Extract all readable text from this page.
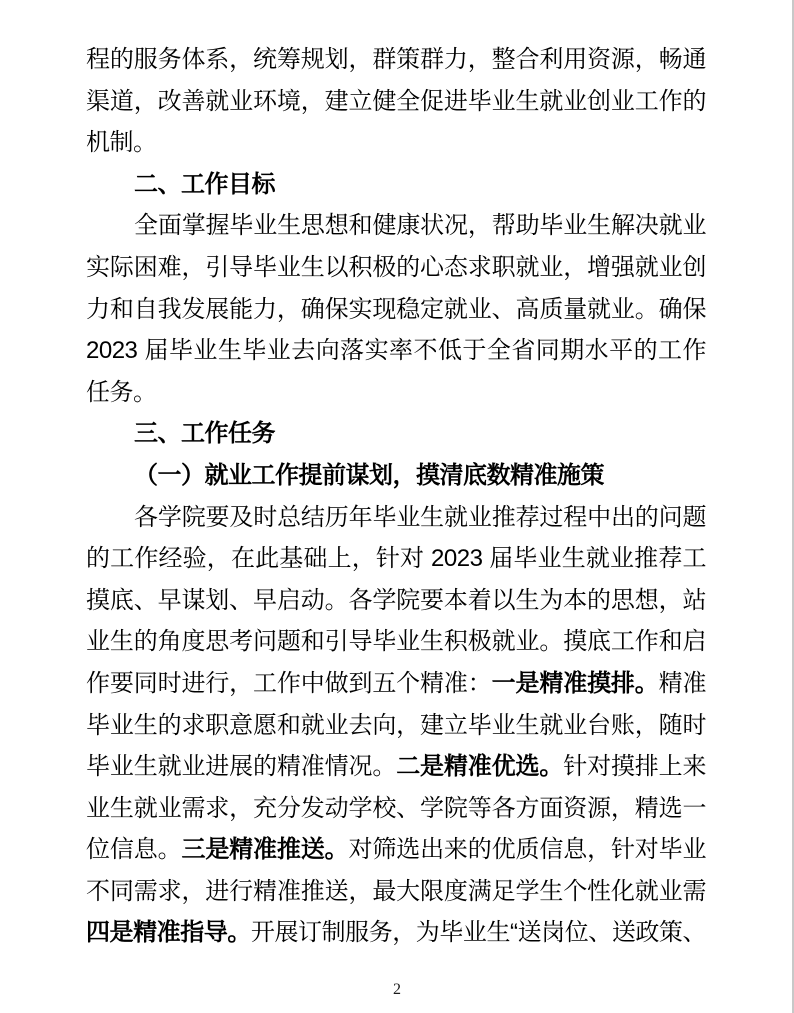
程的服务体系，统筹规划，群策群力，整合利用资源，畅通
渠道，改善就业环境，建立健全促进毕业生就业创业工作的
机制。
二、工作目标
全面掌握毕业生思想和健康状况，帮助毕业生解决就业
实际困难，引导毕业生以积极的心态求职就业，增强就业创
力和自我发展能力，确保实现稳定就业、高质量就业。确保
2023 届毕业生毕业去向落实率不低于全省同期水平的工作
任务。
三、工作任务
（一）就业工作提前谋划，摸清底数精准施策
各学院要及时总结历年毕业生就业推荐过程中出的问题
的工作经验，在此基础上，针对 2023 届毕业生就业推荐工
摸底、早谋划、早启动。各学院要本着以生为本的思想，站
业生的角度思考问题和引导毕业生积极就业。摸底工作和启
作要同时进行，工作中做到五个精准：一是精准摸排。精准
毕业生的求职意愿和就业去向，建立毕业生就业台账，随时
毕业生就业进展的精准情况。二是精准优选。针对摸排上来
业生就业需求，充分发动学校、学院等各方面资源，精选一
位信息。三是精准推送。对筛选出来的优质信息，针对毕业
不同需求，进行精准推送，最大限度满足学生个性化就业需
四是精准指导。开展订制服务，为毕业生“送岗位、送政策、
2
